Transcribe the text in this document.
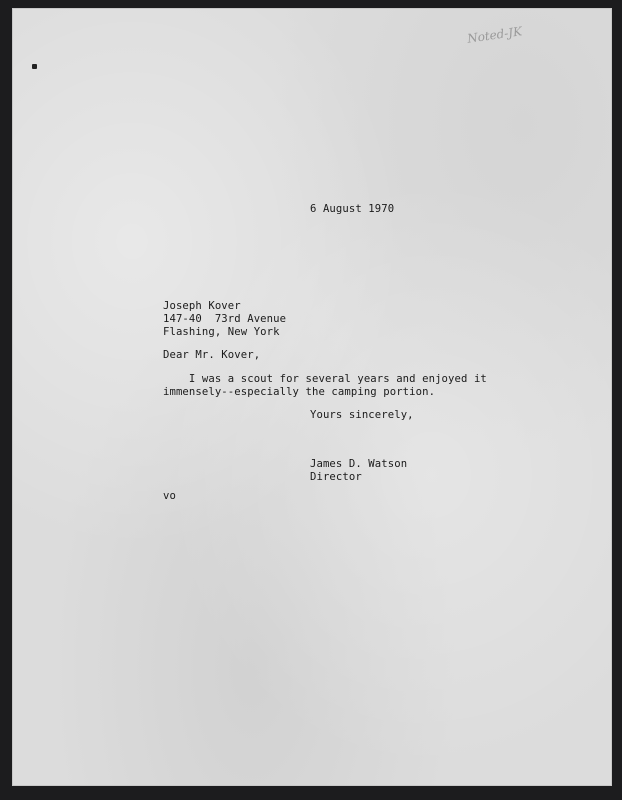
Noted-JK
6 August 1970
Joseph Kover
147-40  73rd Avenue
Flashing, New York
Dear Mr. Kover,
I was a scout for several years and enjoyed it
immensely--especially the camping portion.
Yours sincerely,
James D. Watson
Director
vo
